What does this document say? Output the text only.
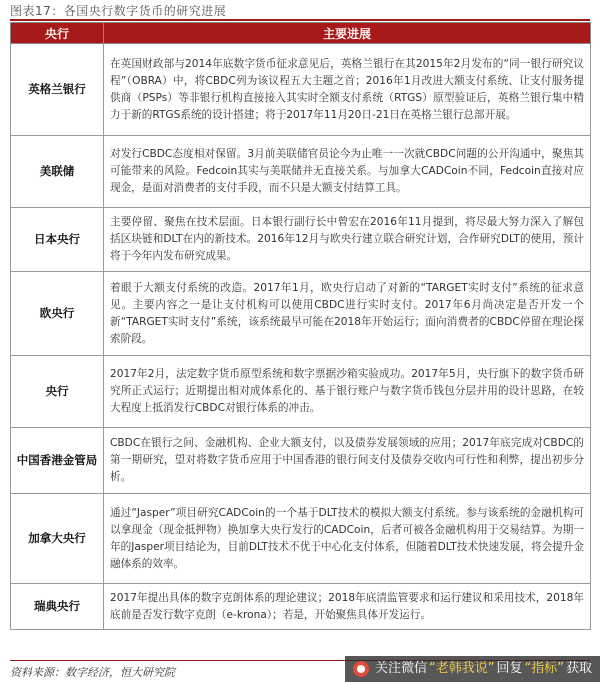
图表17：各国央行数字货币的研究进展
央行	主要进展
英格兰银行	在英国财政部与2014年底数字货币征求意见后，英格兰银行在其2015年2月发布的“同一银行研究议程”（OBRA）中，将CBDC列为该议程五大主题之首；2016年1月改进大额支付系统、让支付服务提供商（PSPs）等非银行机构直接接入其实时全额支付系统（RTGS）原型验证后，英格兰银行集中精力于新的RTGS系统的设计搭建；将于2017年11月20日-21日在英格兰银行总部开展。
美联储	对发行CBDC态度相对保留。3月前美联储官员论今为止唯一一次就CBDC问题的公开沟通中，聚焦其可能带来的风险。Fedcoin其实与美联储并无直接关系。与加拿大CADCoin不同，Fedcoin直接对应现金，是面对消费者的支付手段，而不只是大额支付结算工具。
日本央行	主要停留、聚焦在技术层面。日本银行副行长中曾宏在2016年11月提到，将尽最大努力深入了解包括区块链和DLT在内的新技术。2016年12月与欧央行建立联合研究计划，合作研究DLT的使用，预计将于今年内发布研究成果。
欧央行	着眼于大额支付系统的改造。2017年1月，欧央行启动了对新的“TARGET实时支付”系统的征求意见。主要内容之一是让支付机构可以使用CBDC进行实时支付。2017年6月尚决定是否开发一个新“TARGET实时支付”系统，该系统最早可能在2018年开始运行；面向消费者的CBDC停留在理论探索阶段。
央行	2017年2月，法定数字货币原型系统和数字票据沙箱实验成功。2017年5月，央行旗下的数字货币研究所正式运行；近期提出相对成体系化的、基于银行账户与数字货币钱包分层并用的设计思路，在较大程度上抵消发行CBDC对银行体系的冲击。
中国香港金管局	CBDC在银行之间、金融机构、企业大额支付，以及债券发展领域的应用；2017年底完成对CBDC的第一期研究，望对将数字货币应用于中国香港的银行间支付及债券交收内可行性和利弊，提出初步分析。
加拿大央行	通过“Jasper”项目研究CADCoin的一个基于DLT技术的模拟大额支付系统。参与该系统的金融机构可以拿现金（现金抵押物）换加拿大央行发行的CADCoin，后者可被各金融机构用于交易结算。为期一年的Jasper项目结论为，目前DLT技术不优于中心化支付体系，但随着DLT技术快速发展，将会提升金融体系的效率。
瑞典央行	2017年提出具体的数字克朗体系的理论建议；2018年底清监管要求和运行建议和采用技术，2018年底前是否发行数字克朗（e-krona）；若是，开始聚焦具体开发运行。
资料来源：数字经济，恒大研究院	关注微信 “老韩我说” 回复 “指标” 获取
